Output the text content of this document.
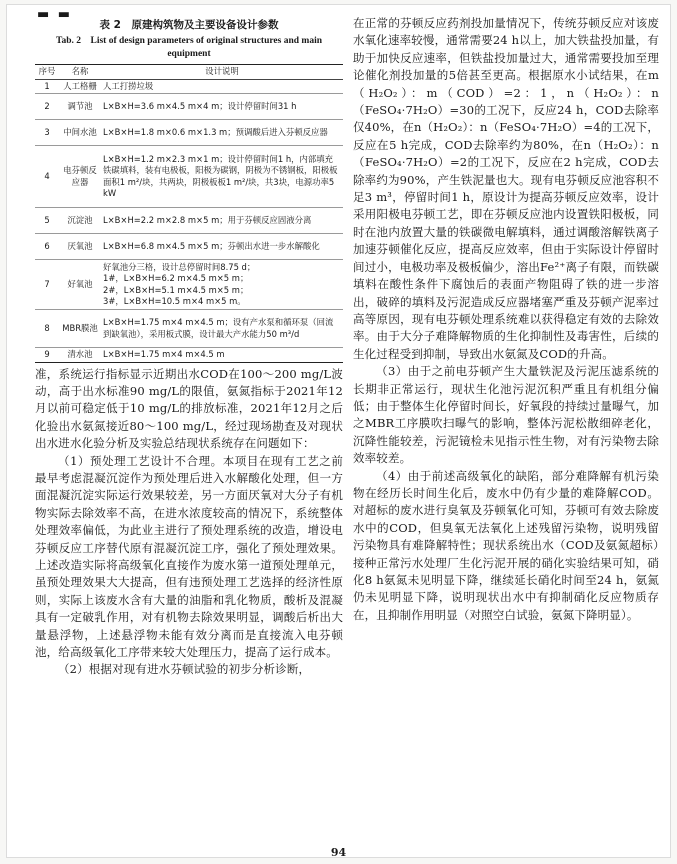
▬ ▬
表 2　原建构筑物及主要设备设计参数
Tab. 2　List of design parameters of original structures and main equipment
序号	名称	设计说明
1	人工格栅	人工打捞垃圾
2	调节池	L×B×H=3.6 m×4.5 m×4 m；设计停留时间31 h
3	中间水池	L×B×H=1.8 m×0.6 m×1.3 m；预调酸后进入芬顿反应器
4	电芬顿反应器	L×B×H=1.2 m×2.3 m×1 m；设计停留时间1 h，内部填充铁碳填料，装有电极板，阳极为碳钢，阴极为不锈钢板，阳极板面积1 m²/块，共两块，阴极板板1 m²/块，共3块，电源功率5 kW
5	沉淀池	L×B×H=2.2 m×2.8 m×5 m；用于芬顿反应固液分离
6	厌氧池	L×B×H=6.8 m×4.5 m×5 m；芬顿出水进一步水解酸化
7	好氧池	好氧池分三格，设计总停留时间8.75 d；
1#，L×B×H=6.2 m×4.5 m×5 m；
2#，L×B×H=5.1 m×4.5 m×5 m；
3#，L×B×H=10.5 m×4 m×5 m。
8	MBR膜池	L×B×H=1.75 m×4 m×4.5 m；设有产水泵和循环泵（回流到缺氧池），采用板式膜，设计最大产水能力50 m³/d
9	清水池	L×B×H=1.75 m×4 m×4.5 m

准，系统运行指标显示近期出水COD在100～200 mg/L波动，高于出水标准90 mg/L的限值，氨氮指标于2021年12月以前可稳定低于10 mg/L的排放标准，2021年12月之后化验出水氨氮接近80～100 mg/L，经过现场勘查及对现状出水进水化验分析及实验总结现状系统存在问题如下：

（1）预处理工艺设计不合理。本项目在现有工艺之前最早考虑混凝沉淀作为预处理后进入水解酸化处理，但一方面混凝沉淀实际运行效果较差，另一方面厌氧对大分子有机物实际去除效率不高，在进水浓度较高的情况下，系统整体处理效率偏低，为此业主进行了预处理系统的改造，增设电芬顿反应工序替代原有混凝沉淀工序，强化了预处理效果。上述改造实际将高级氧化直接作为废水第一道预处理单元，虽预处理效果大大提高，但有违预处理工艺选择的经济性原则，实际上该废水含有大量的油脂和乳化物质，酸析及混凝具有一定破乳作用，对有机物去除效果明显，调酸后析出大量悬浮物，上述悬浮物未能有效分离而是直接流入电芬顿池，给高级氧化工序带来较大处理压力，提高了运行成本。

（2）根据对现有进水芬顿试验的初步分析诊断，

在正常的芬顿反应药剂投加量情况下，传统芬顿反应对该废水氧化速率较慢，通常需要24 h以上，加大铁盐投加量，有助于加快反应速率，但铁盐投加量过大，通常需要投加至理论催化剂投加量的5倍甚至更高。根据原水小试结果，在m（H₂O₂）：m（COD）=2：1，n（H₂O₂）：n（FeSO₄·7H₂O）=30的工况下，反应24 h，COD去除率仅40%，在n（H₂O₂）：n（FeSO₄·7H₂O）=4的工况下，反应在5 h完成，COD去除率约为80%，在n（H₂O₂）：n（FeSO₄·7H₂O）=2的工况下，反应在2 h完成，COD去除率约为90%，产生铁泥量也大。现有电芬顿反应池容积不足3 m³，停留时间1 h，原设计为提高芬顿反应效率，设计采用阳极电芬顿工艺，即在芬顿反应池内设置铁阳极板，同时在池内放置大量的铁碳微电解填料，通过调酸溶解铁离子加速芬顿催化反应，提高反应效率，但由于实际设计停留时间过小，电极功率及极板偏少，溶出Fe²⁺离子有限，而铁碳填料在酸性条件下腐蚀后的表面产物阻碍了铁的进一步溶出，破碎的填料及污泥造成反应器堵塞严重及芬顿产泥率过高等原因，现有电芬顿处理系统难以获得稳定有效的去除效率。由于大分子难降解物质的生化抑制性及毒害性，后续的生化过程受到抑制，导致出水氨氮及COD的升高。

（3）由于之前电芬顿产生大量铁泥及污泥压滤系统的长期非正常运行，现状生化池污泥沉积严重且有机组分偏低；由于整体生化停留时间长，好氧段的持续过量曝气，加之MBR工序膜吹扫曝气的影响，整体污泥松散细碎老化，沉降性能较差，污泥镜检未见指示性生物，对有污染物去除效率较差。

（4）由于前述高级氧化的缺陷，部分难降解有机污染物在经历长时间生化后，废水中仍有少量的难降解COD。对超标的废水进行臭氧及芬顿氧化可知，芬顿可有效去除废水中的COD，但臭氧无法氧化上述残留污染物，说明残留污染物具有难降解特性；现状系统出水（COD及氨氮超标）接种正常污水处理厂生化污泥开展的硝化实验结果可知，硝化8 h氨氮未见明显下降，继续延长硝化时间至24 h，氨氮仍未见明显下降，说明现状出水中有抑制硝化反应物质存在，且抑制作用明显（对照空白试验，氨氮下降明显）。

94
